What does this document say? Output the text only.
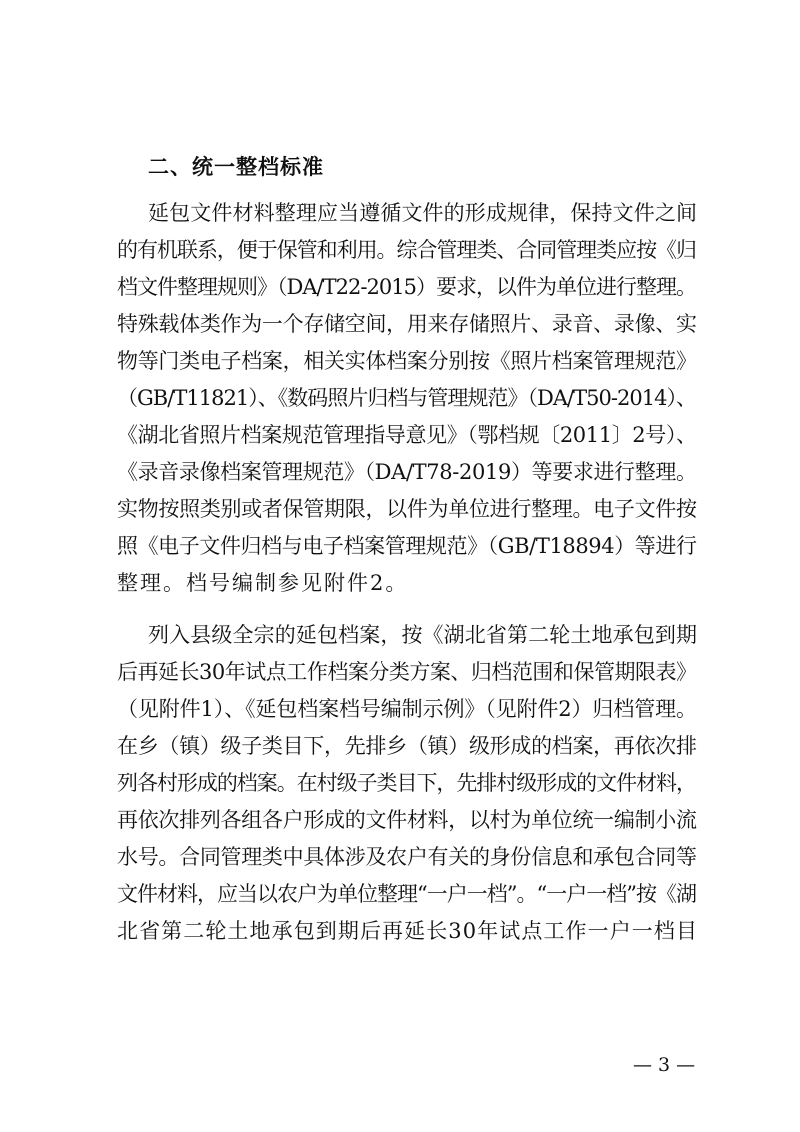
二、统一整档标准
延包文件材料整理应当遵循文件的形成规律，保持文件之间
的有机联系，便于保管和利用。综合管理类、合同管理类应按《归
档文件整理规则》（DA/T22-2015）要求，以件为单位进行整理。
特殊载体类作为一个存储空间，用来存储照片、录音、录像、实
物等门类电子档案，相关实体档案分别按《照片档案管理规范》
（GB/T11821）、《数码照片归档与管理规范》（DA/T50-2014）、
《湖北省照片档案规范管理指导意见》（鄂档规〔2011〕2号）、
《录音录像档案管理规范》（DA/T78-2019）等要求进行整理。
实物按照类别或者保管期限，以件为单位进行整理。电子文件按
照《电子文件归档与电子档案管理规范》（GB/T18894）等进行
整理。档号编制参见附件2。
列入县级全宗的延包档案，按《湖北省第二轮土地承包到期
后再延长30年试点工作档案分类方案、归档范围和保管期限表》
（见附件1）、《延包档案档号编制示例》（见附件2）归档管理。
在乡（镇）级子类目下，先排乡（镇）级形成的档案，再依次排
列各村形成的档案。在村级子类目下，先排村级形成的文件材料，
再依次排列各组各户形成的文件材料，以村为单位统一编制小流
水号。合同管理类中具体涉及农户有关的身份信息和承包合同等
文件材料，应当以农户为单位整理“一户一档”。“一户一档”按《湖
北省第二轮土地承包到期后再延长30年试点工作一户一档目
— 3 —
